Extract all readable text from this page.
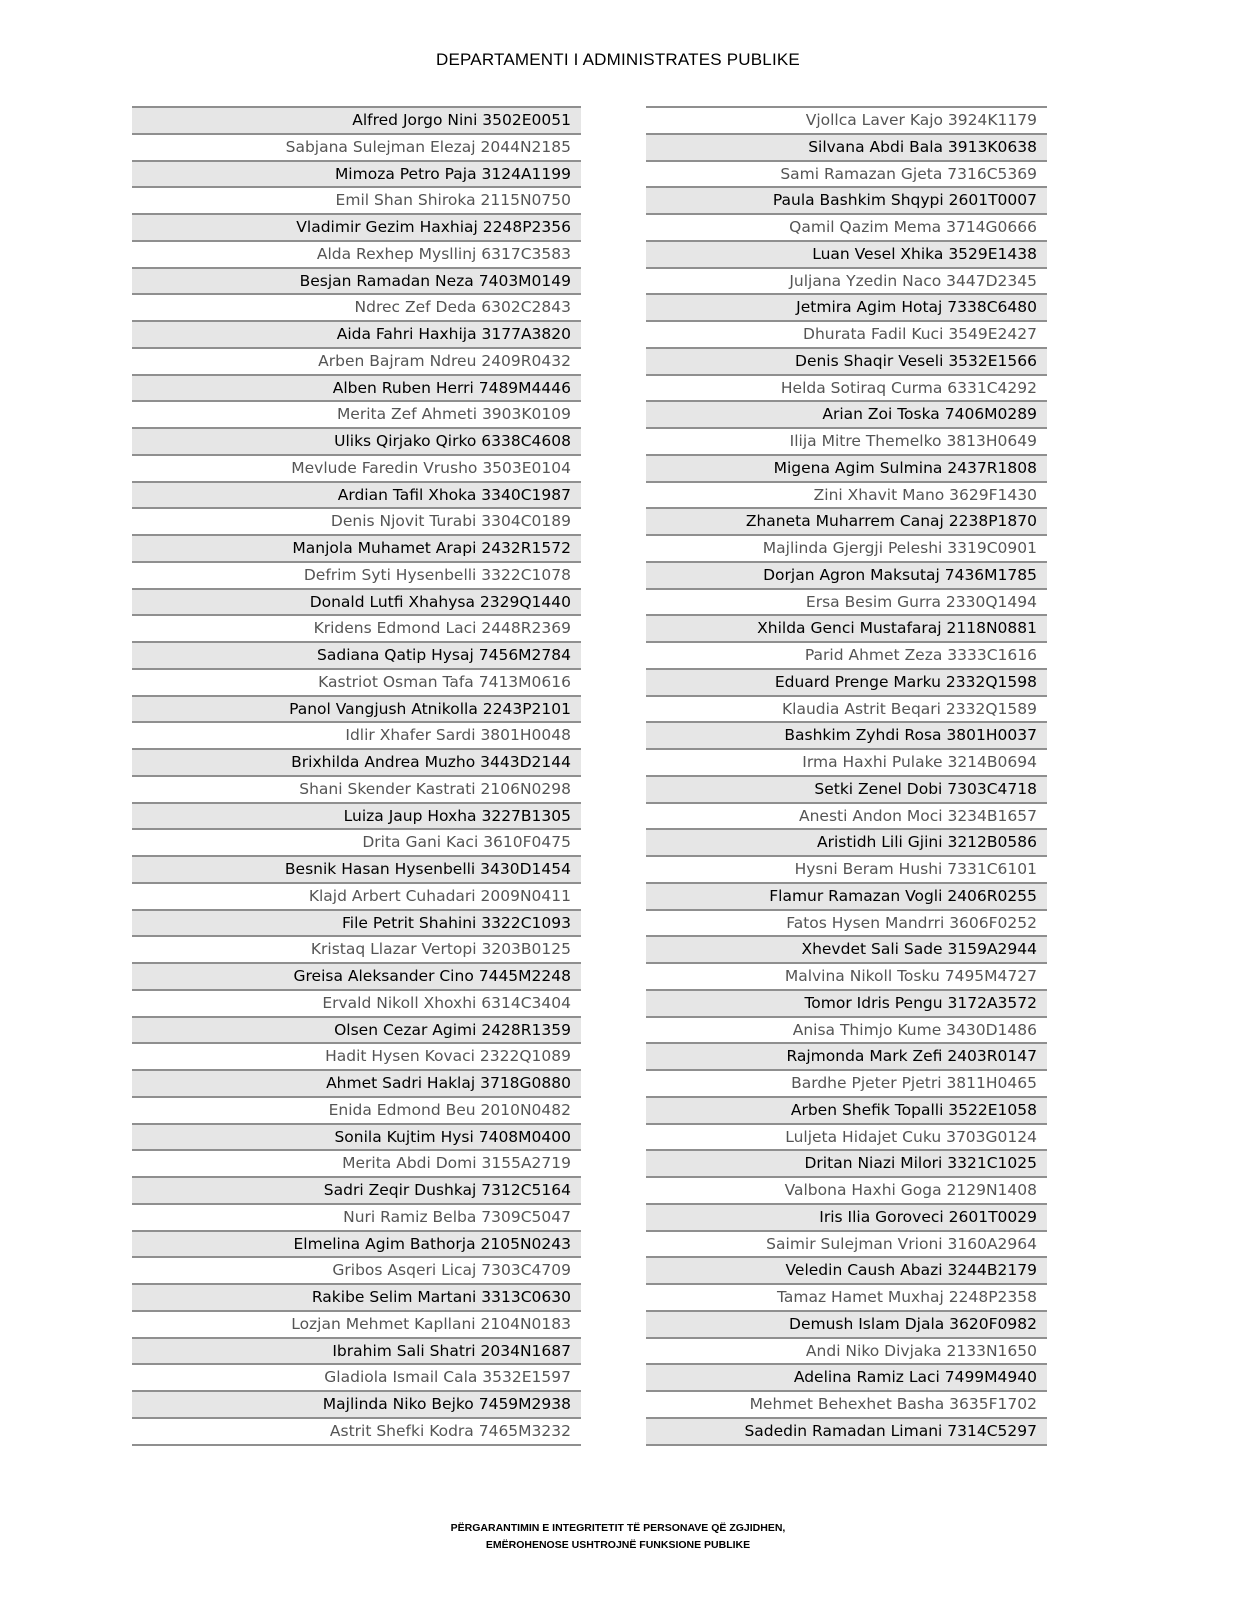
DEPARTAMENTI I ADMINISTRATES PUBLIKE
Alfred Jorgo Nini 3502E0051
Sabjana Sulejman Elezaj 2044N2185
Mimoza Petro Paja 3124A1199
Emil Shan Shiroka 2115N0750
Vladimir Gezim Haxhiaj 2248P2356
Alda Rexhep Mysllinj 6317C3583
Besjan Ramadan Neza 7403M0149
Ndrec Zef Deda 6302C2843
Aida Fahri Haxhija 3177A3820
Arben Bajram Ndreu 2409R0432
Alben Ruben Herri 7489M4446
Merita Zef Ahmeti 3903K0109
Uliks Qirjako Qirko 6338C4608
Mevlude Faredin Vrusho 3503E0104
Ardian Tafil Xhoka 3340C1987
Denis Njovit Turabi 3304C0189
Manjola Muhamet Arapi 2432R1572
Defrim Syti Hysenbelli 3322C1078
Donald Lutfi Xhahysa 2329Q1440
Kridens Edmond Laci 2448R2369
Sadiana Qatip Hysaj 7456M2784
Kastriot Osman Tafa 7413M0616
Panol Vangjush Atnikolla 2243P2101
Idlir Xhafer Sardi 3801H0048
Brixhilda Andrea Muzho 3443D2144
Shani Skender Kastrati 2106N0298
Luiza Jaup Hoxha 3227B1305
Drita Gani Kaci 3610F0475
Besnik Hasan Hysenbelli 3430D1454
Klajd Arbert Cuhadari 2009N0411
File Petrit Shahini 3322C1093
Kristaq Llazar Vertopi 3203B0125
Greisa Aleksander Cino 7445M2248
Ervald Nikoll Xhoxhi 6314C3404
Olsen Cezar Agimi 2428R1359
Hadit Hysen Kovaci 2322Q1089
Ahmet Sadri Haklaj 3718G0880
Enida Edmond Beu 2010N0482
Sonila Kujtim Hysi 7408M0400
Merita Abdi Domi 3155A2719
Sadri Zeqir Dushkaj 7312C5164
Nuri Ramiz Belba 7309C5047
Elmelina Agim Bathorja 2105N0243
Gribos Asqeri Licaj 7303C4709
Rakibe Selim Martani 3313C0630
Lozjan Mehmet Kapllani 2104N0183
Ibrahim Sali Shatri 2034N1687
Gladiola Ismail Cala 3532E1597
Majlinda Niko Bejko 7459M2938
Astrit Shefki Kodra 7465M3232
Vjollca Laver Kajo 3924K1179
Silvana Abdi Bala 3913K0638
Sami Ramazan Gjeta 7316C5369
Paula Bashkim Shqypi 2601T0007
Qamil Qazim Mema 3714G0666
Luan Vesel Xhika 3529E1438
Juljana Yzedin Naco 3447D2345
Jetmira Agim Hotaj 7338C6480
Dhurata Fadil Kuci 3549E2427
Denis Shaqir Veseli 3532E1566
Helda Sotiraq Curma 6331C4292
Arian Zoi Toska 7406M0289
Ilija Mitre Themelko 3813H0649
Migena Agim Sulmina 2437R1808
Zini Xhavit Mano 3629F1430
Zhaneta Muharrem Canaj 2238P1870
Majlinda Gjergji Peleshi 3319C0901
Dorjan Agron Maksutaj 7436M1785
Ersa Besim Gurra 2330Q1494
Xhilda Genci Mustafaraj 2118N0881
Parid Ahmet Zeza 3333C1616
Eduard Prenge Marku 2332Q1598
Klaudia Astrit Beqari 2332Q1589
Bashkim Zyhdi Rosa 3801H0037
Irma Haxhi Pulake 3214B0694
Setki Zenel Dobi 7303C4718
Anesti Andon Moci 3234B1657
Aristidh Lili Gjini 3212B0586
Hysni Beram Hushi 7331C6101
Flamur Ramazan Vogli 2406R0255
Fatos Hysen Mandrri 3606F0252
Xhevdet Sali Sade 3159A2944
Malvina Nikoll Tosku 7495M4727
Tomor Idris Pengu 3172A3572
Anisa Thimjo Kume 3430D1486
Rajmonda Mark Zefi 2403R0147
Bardhe Pjeter Pjetri 3811H0465
Arben Shefik Topalli 3522E1058
Luljeta Hidajet Cuku 3703G0124
Dritan Niazi Milori 3321C1025
Valbona Haxhi Goga 2129N1408
Iris Ilia Goroveci 2601T0029
Saimir Sulejman Vrioni 3160A2964
Veledin Caush Abazi 3244B2179
Tamaz Hamet Muxhaj 2248P2358
Demush Islam Djala 3620F0982
Andi Niko Divjaka 2133N1650
Adelina Ramiz Laci 7499M4940
Mehmet Behexhet Basha 3635F1702
Sadedin Ramadan Limani 7314C5297
PËRGARANTIMIN E INTEGRITETIT TË PERSONAVE QË ZGJIDHEN,
EMËROHENOSE USHTROJNË FUNKSIONE PUBLIKE
